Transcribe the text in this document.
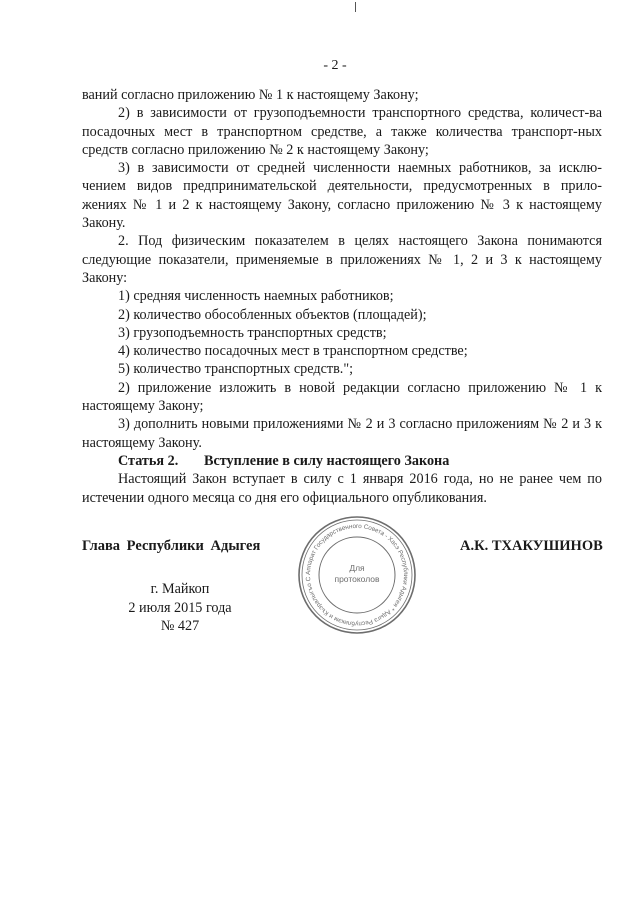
- 2 -

ваний согласно приложению № 1 к настоящему Закону;

2) в зависимости от грузоподъемности транспортного средства, количест-ва посадочных мест в транспортном средстве, а также количества транспорт-ных средств согласно приложению № 2 к настоящему Закону;

3) в зависимости от средней численности наемных работников, за исклю-чением видов предпринимательской деятельности, предусмотренных в прило-жениях № 1 и 2 к настоящему Закону, согласно приложению № 3 к настоящему Закону.

2. Под физическим показателем в целях настоящего Закона понимаются следующие показатели, применяемые в приложениях № 1, 2 и 3 к настоящему Закону:

1) средняя численность наемных работников;

2) количество обособленных объектов (площадей);

3) грузоподъемность транспортных средств;

4) количество посадочных мест в транспортном средстве;

5) количество транспортных средств.";

2) приложение изложить в новой редакции согласно приложению № 1 к настоящему Закону;

3) дополнить новыми приложениями № 2 и 3 согласно приложениям № 2 и 3 к настоящему Закону.

Статья 2. Вступление в силу настоящего Закона

Настоящий Закон вступает в силу с 1 января 2016 года, но не ранее чем по истечении одного месяца со дня его официального опубликования.

Глава Республики Адыгея	А.К. ТХАКУШИНОВ
г. Майкоп
2 июля 2015 года
№ 427
Аппарат Государственного Совета - Хасэ Республики Адыгея * Адыгэ Республикэм и Къэралыгъо С
Для
протоколов
